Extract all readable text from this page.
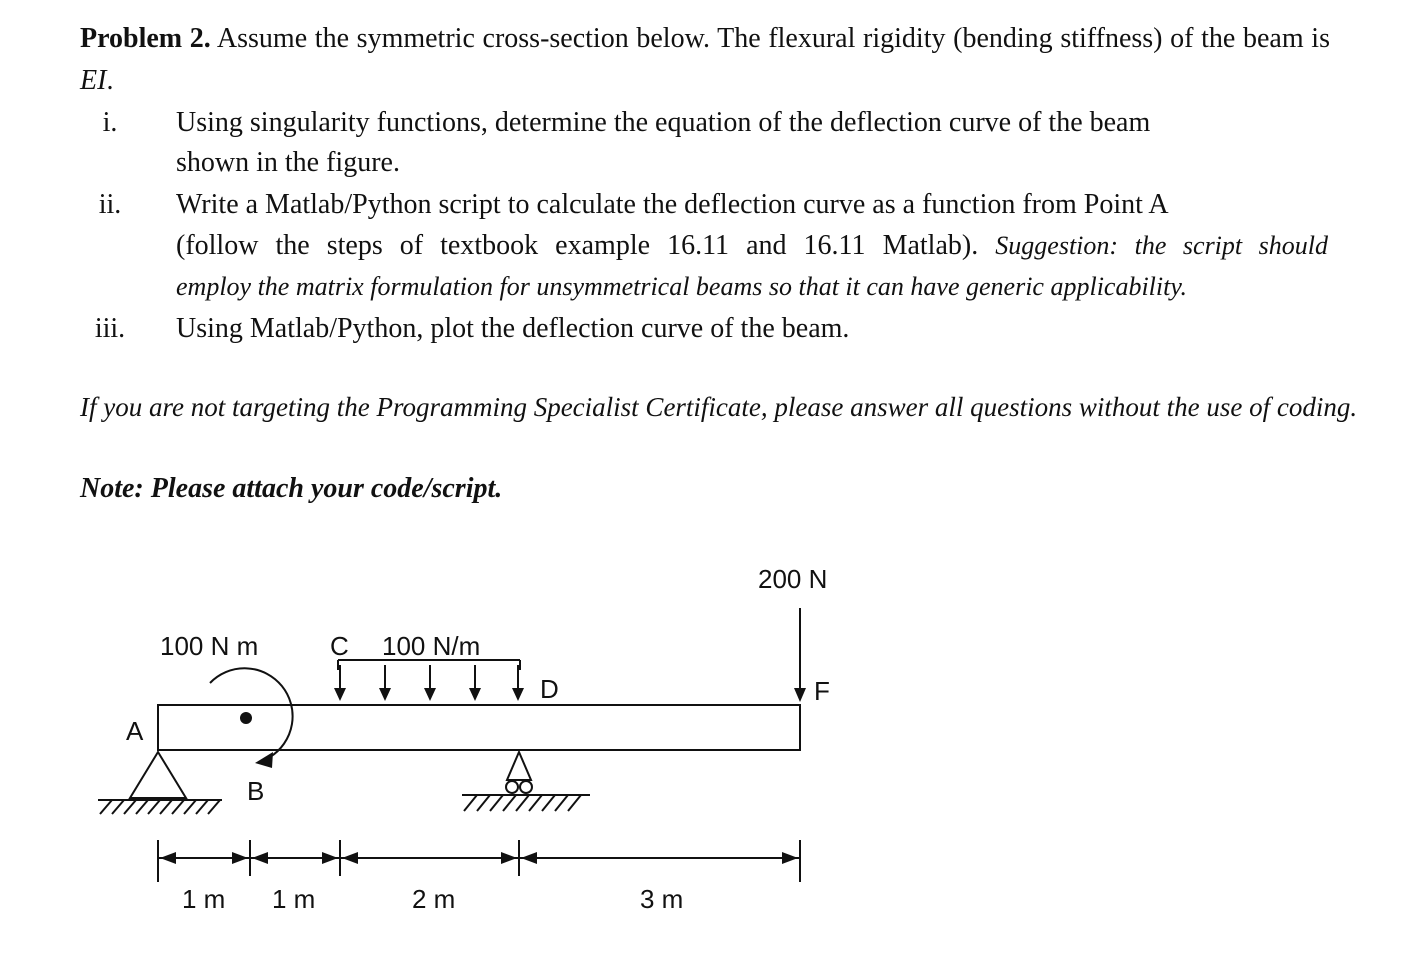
Problem 2. Assume the symmetric cross-section below. The flexural rigidity (bending stiffness) of the beam is EI.
i.	Using singularity functions, determine the equation of the deflection curve of the beam
shown in the figure.
ii.	Write a Matlab/Python script to calculate the deflection curve as a function from Point A
(follow the steps of textbook example 16.11 and 16.11 Matlab). Suggestion: the script should
employ the matrix formulation for unsymmetrical beams so that it can have generic applicability.
iii.	Using Matlab/Python, plot the deflection curve of the beam.
If you are not targeting the Programming Specialist Certificate, please answer all questions without the use of coding.
Note: Please attach your code/script.
100 N m	C 100 N/m
D
200 N
F
A
B
1 m 1 m	2 m	3 m
